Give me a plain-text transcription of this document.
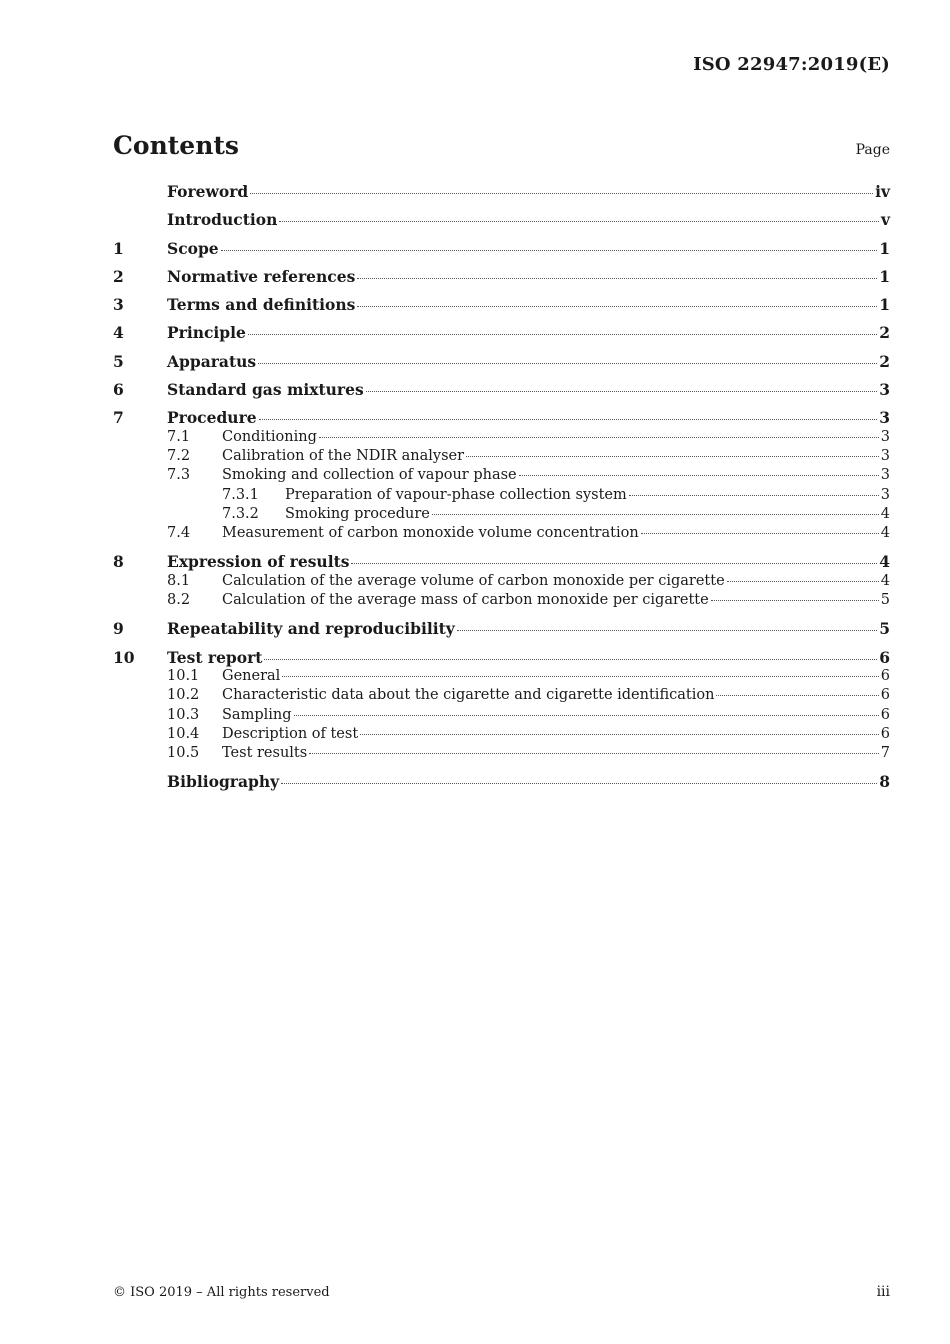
ISO 22947:2019(E)
Contents	Page
Foreword	iv
Introduction	v
1	Scope	1
2	Normative references	1
3	Terms and definitions	1
4	Principle	2
5	Apparatus	2
6	Standard gas mixtures	3
7	Procedure	3
7.1	Conditioning	3
7.2	Calibration of the NDIR analyser	3
7.3	Smoking and collection of vapour phase	3
7.3.1	Preparation of vapour-phase collection system	3
7.3.2	Smoking procedure	4
7.4	Measurement of carbon monoxide volume concentration	4
8	Expression of results	4
8.1	Calculation of the average volume of carbon monoxide per cigarette	4
8.2	Calculation of the average mass of carbon monoxide per cigarette	5
9	Repeatability and reproducibility	5
10	Test report	6
10.1	General	6
10.2	Characteristic data about the cigarette and cigarette identification	6
10.3	Sampling	6
10.4	Description of test	6
10.5	Test results	7
Bibliography	8
© ISO 2019 – All rights reserved	iii
